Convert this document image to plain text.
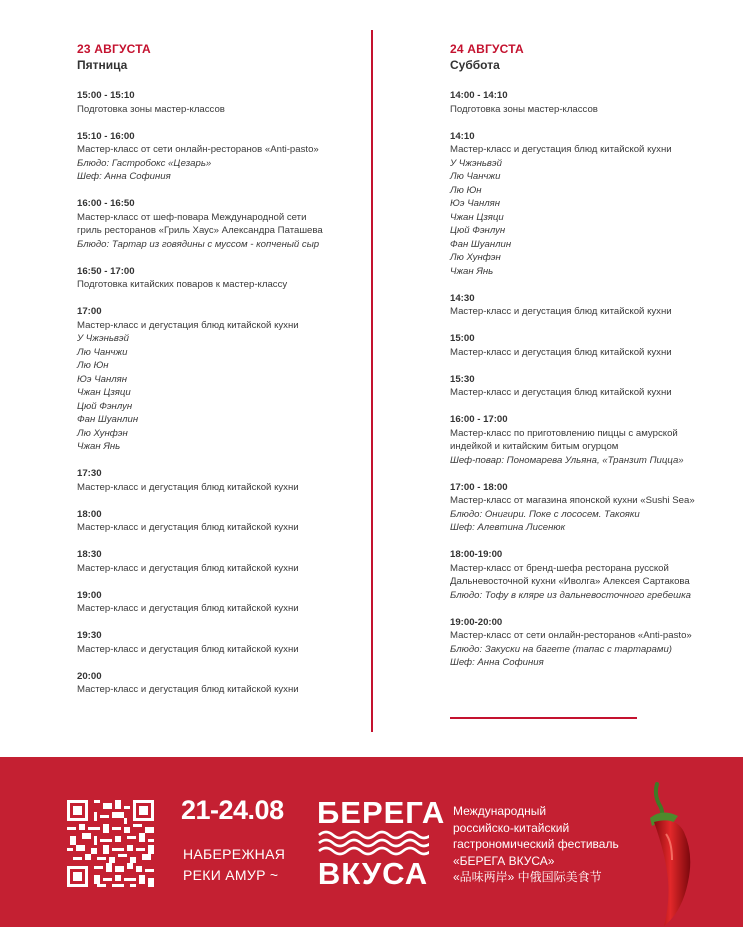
23 АВГУСТА
Пятница
15:00 - 15:10
Подготовка зоны мастер-классов
15:10 - 16:00
Мастер-класс от сети онлайн-ресторанов «Anti-pasto»
Блюдо: Гастробокс «Цезарь»
Шеф: Анна Софиния
16:00 - 16:50
Мастер-класс от шеф-повара Международной сети
гриль ресторанов «Гриль Хаус» Александра Паташева
Блюдо: Тартар из говядины с муссом - копченый сыр
16:50 - 17:00
Подготовка китайских поваров к мастер-классу
17:00
Мастер-класс и дегустация блюд китайской кухни
У Чжэньвэй
Лю Чанчжи
Лю Юн
Юэ Чанлян
Чжан Цзяци
Цюй Фэнлун
Фан Шуанлин
Лю Хунфэн
Чжан Янь
17:30
Мастер-класс и дегустация блюд китайской кухни
18:00
Мастер-класс и дегустация блюд китайской кухни
18:30
Мастер-класс и дегустация блюд китайской кухни
19:00
Мастер-класс и дегустация блюд китайской кухни
19:30
Мастер-класс и дегустация блюд китайской кухни
20:00
Мастер-класс и дегустация блюд китайской кухни
24 АВГУСТА
Суббота
14:00 - 14:10
Подготовка зоны мастер-классов
14:10
Мастер-класс и дегустация блюд китайской кухни
У Чжэньвэй
Лю Чанчжи
Лю Юн
Юэ Чанлян
Чжан Цзяци
Цюй Фэнлун
Фан Шуанлин
Лю Хунфэн
Чжан Янь
14:30
Мастер-класс и дегустация блюд китайской кухни
15:00
Мастер-класс и дегустация блюд китайской кухни
15:30
Мастер-класс и дегустация блюд китайской кухни
16:00 - 17:00
Мастер-класс по приготовлению пиццы с амурской
индейкой и китайским битым огурцом
Шеф-повар: Пономарева Ульяна, «Транзит Пицца»
17:00 - 18:00
Мастер-класс от магазина японской кухни «Sushi Sea»
Блюдо: Онигири. Поке с лососем. Такояки
Шеф: Алевтина Лисенюк
18:00-19:00
Мастер-класс от бренд-шефа ресторана русской
Дальневосточной кухни «Иволга» Алексея Сартакова
Блюдо: Тофу в кляре из дальневосточного гребешка
19:00-20:00
Мастер-класс от сети онлайн-ресторанов «Anti-pasto»
Блюдо: Закуски на багете (тапас с тартарами)
Шеф: Анна Софиния
21-24.08
НАБЕРЕЖНАЯ
РЕКИ АМУР ~
БЕРЕГА
ВКУСА
Международный
российско-китайский
гастрономический фестиваль
«БЕРЕГА ВКУСА»
«品味两岸» 中俄国际美食节
